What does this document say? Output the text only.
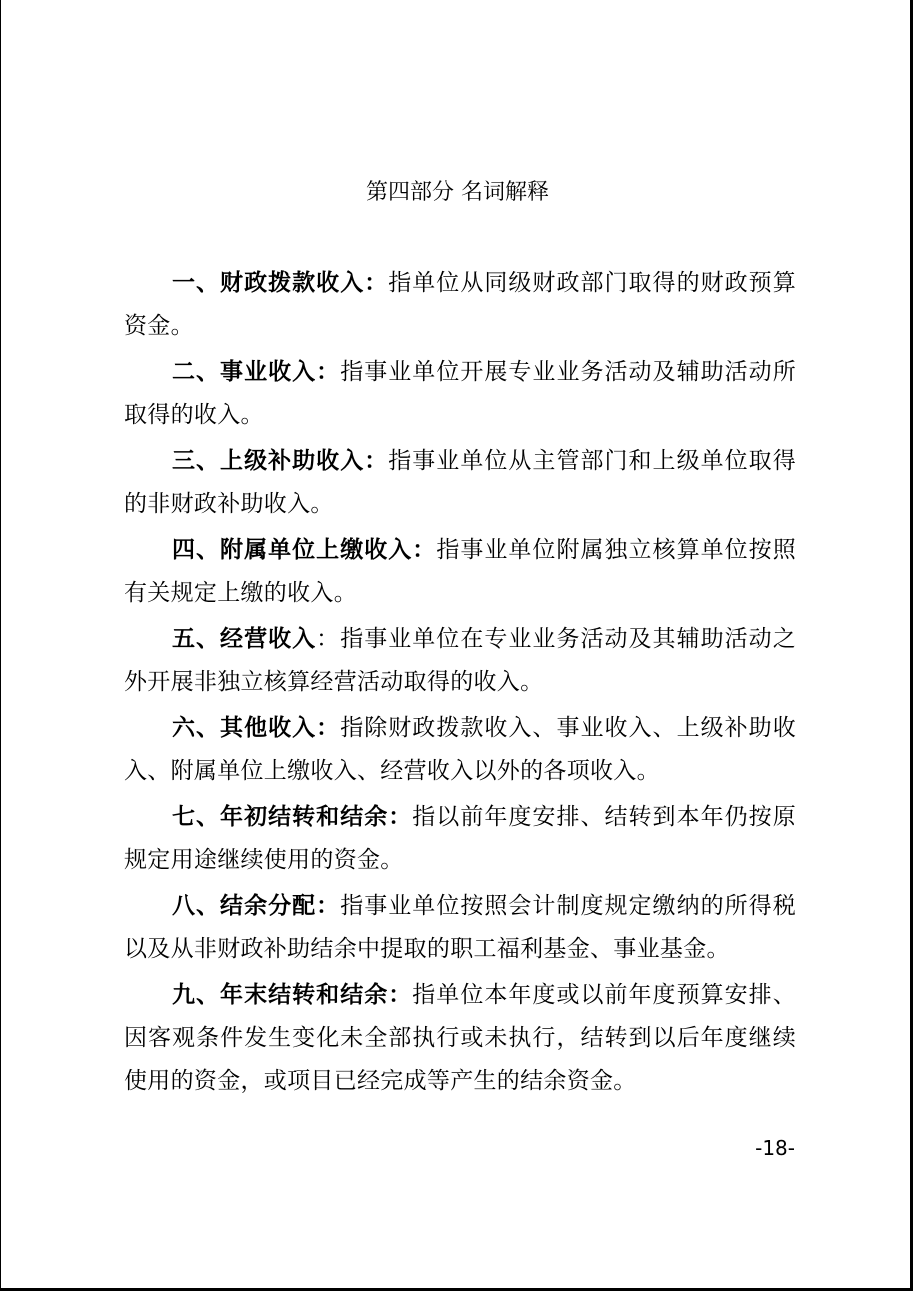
第四部分 名词解释

一、财政拨款收入：指单位从同级财政部门取得的财政预算资金。

二、事业收入：指事业单位开展专业业务活动及辅助活动所取得的收入。

三、上级补助收入：指事业单位从主管部门和上级单位取得的非财政补助收入。

四、附属单位上缴收入：指事业单位附属独立核算单位按照有关规定上缴的收入。

五、经营收入：指事业单位在专业业务活动及其辅助活动之外开展非独立核算经营活动取得的收入。

六、其他收入：指除财政拨款收入、事业收入、上级补助收入、附属单位上缴收入、经营收入以外的各项收入。

七、年初结转和结余：指以前年度安排、结转到本年仍按原规定用途继续使用的资金。

八、结余分配：指事业单位按照会计制度规定缴纳的所得税以及从非财政补助结余中提取的职工福利基金、事业基金。

九、年末结转和结余：指单位本年度或以前年度预算安排、因客观条件发生变化未全部执行或未执行，结转到以后年度继续使用的资金，或项目已经完成等产生的结余资金。

-18-
